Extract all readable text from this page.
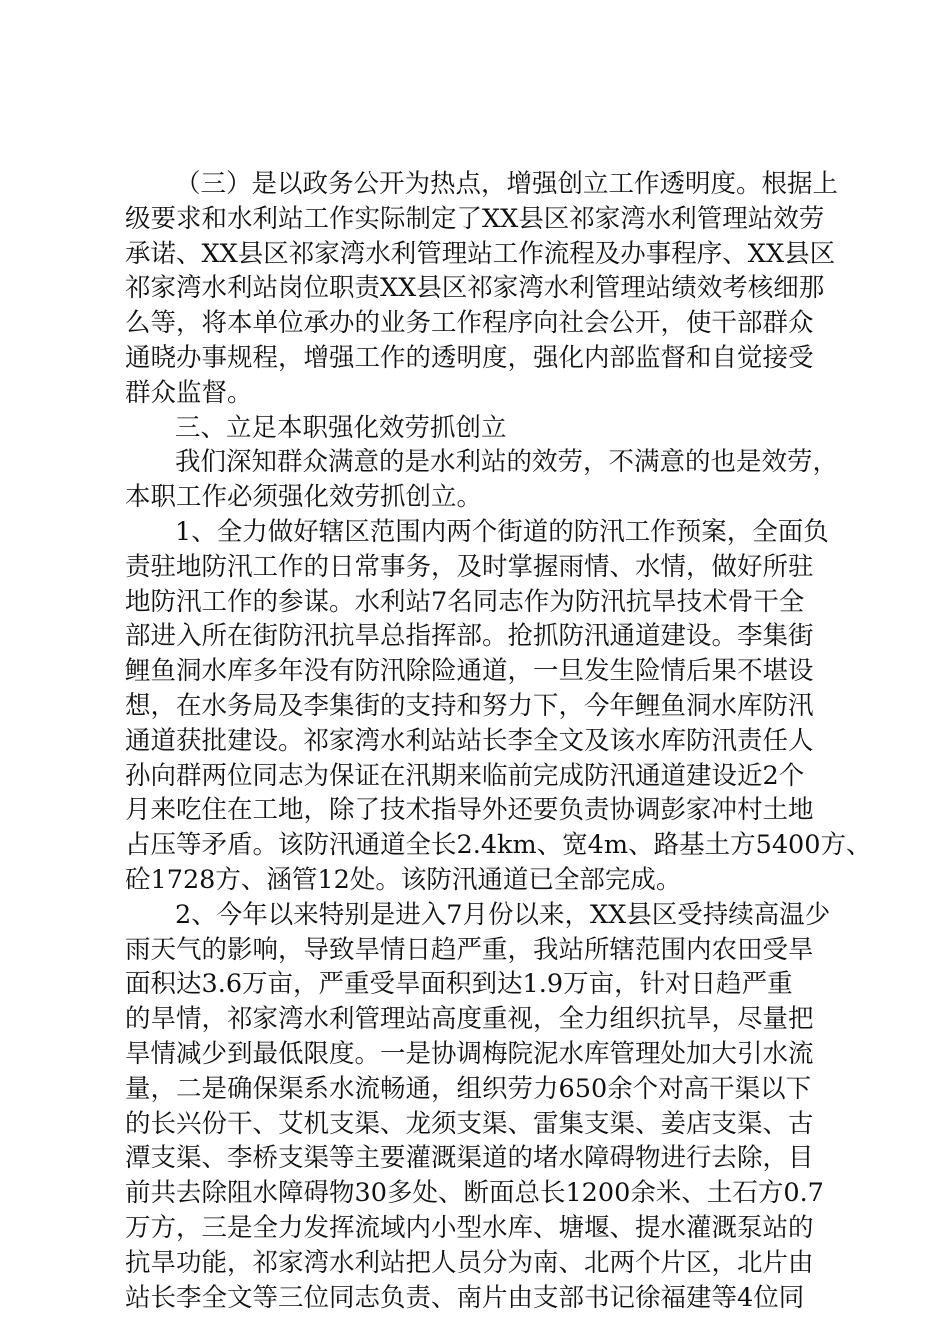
（三）是以政务公开为热点，增强创立工作透明度。根据上
级要求和水利站工作实际制定了XX县区祁家湾水利管理站效劳
承诺、XX县区祁家湾水利管理站工作流程及办事程序、XX县区
祁家湾水利站岗位职责XX县区祁家湾水利管理站绩效考核细那
么等，将本单位承办的业务工作程序向社会公开，使干部群众
通晓办事规程，增强工作的透明度，强化内部监督和自觉接受
群众监督。
三、立足本职强化效劳抓创立
我们深知群众满意的是水利站的效劳，不满意的也是效劳，
本职工作必须强化效劳抓创立。
1、全力做好辖区范围内两个街道的防汛工作预案，全面负
责驻地防汛工作的日常事务，及时掌握雨情、水情，做好所驻
地防汛工作的参谋。水利站7名同志作为防汛抗旱技术骨干全
部进入所在街防汛抗旱总指挥部。抢抓防汛通道建设。李集街
鲤鱼洞水库多年没有防汛除险通道，一旦发生险情后果不堪设
想，在水务局及李集街的支持和努力下，今年鲤鱼洞水库防汛
通道获批建设。祁家湾水利站站长李全文及该水库防汛责任人
孙向群两位同志为保证在汛期来临前完成防汛通道建设近2个
月来吃住在工地，除了技术指导外还要负责协调彭家冲村土地
占压等矛盾。该防汛通道全长2.4km、宽4m、路基土方5400方、
砼1728方、涵管12处。该防汛通道已全部完成。
2、今年以来特别是进入7月份以来，XX县区受持续高温少
雨天气的影响，导致旱情日趋严重，我站所辖范围内农田受旱
面积达3.6万亩，严重受旱面积到达1.9万亩，针对日趋严重
的旱情，祁家湾水利管理站高度重视，全力组织抗旱，尽量把
旱情减少到最低限度。一是协调梅院泥水库管理处加大引水流
量，二是确保渠系水流畅通，组织劳力650余个对高干渠以下
的长兴份干、艾机支渠、龙须支渠、雷集支渠、姜店支渠、古
潭支渠、李桥支渠等主要灌溉渠道的堵水障碍物进行去除，目
前共去除阻水障碍物30多处、断面总长1200余米、土石方0.7
万方，三是全力发挥流域内小型水库、塘堰、提水灌溉泵站的
抗旱功能，祁家湾水利站把人员分为南、北两个片区，北片由
站长李全文等三位同志负责、南片由支部书记徐福建等4位同
